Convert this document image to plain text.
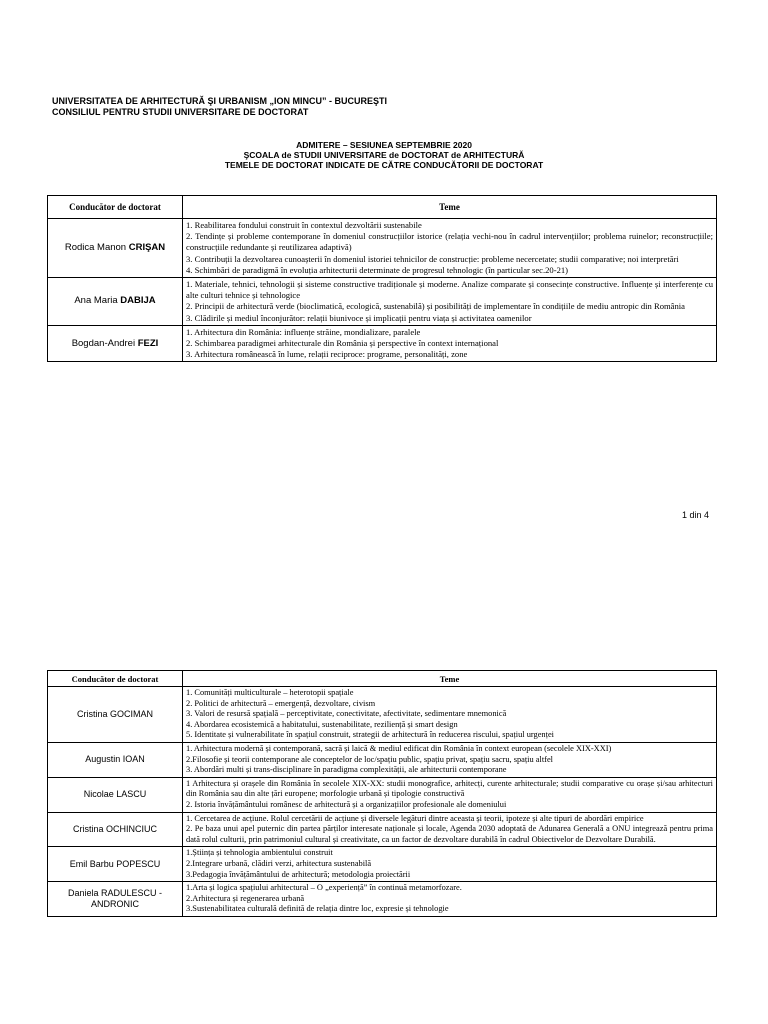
UNIVERSITATEA DE ARHITECTURĂ ŞI URBANISM „ION MINCU” - BUCUREŞTI
CONSILIUL PENTRU STUDII UNIVERSITARE DE DOCTORAT
ADMITERE – SESIUNEA SEPTEMBRIE 2020
ŞCOALA de STUDII UNIVERSITARE de DOCTORAT de ARHITECTURĂ
TEMELE DE DOCTORAT INDICATE DE CĂTRE CONDUCĂTORII DE DOCTORAT
Conducător de doctorat	Teme
Rodica Manon CRIŞAN	1. Reabilitarea fondului construit în contextul dezvoltării sustenabile
2. Tendințe și probleme contemporane în domeniul construcțiilor istorice (relația vechi-nou în cadrul intervențiilor; problema ruinelor; reconstrucțiile; construcțiile redundante și reutilizarea adaptivă)
3. Contribuții la dezvoltarea cunoașterii în domeniul istoriei tehnicilor de construcție: probleme necercetate; studii comparative; noi interpretări
4. Schimbări de paradigmă în evoluția arhitecturii determinate de progresul tehnologic (în particular sec.20-21)

Ana Maria DABIJA	1. Materiale, tehnici, tehnologii și sisteme constructive tradiționale și moderne. Analize comparate și consecințe constructive. Influențe și interferențe cu alte culturi tehnice și tehnologice
2. Principii de arhitectură verde (bioclimatică, ecologică, sustenabilă) și posibilități de implementare în condițiile de mediu antropic din România
3. Clădirile și mediul înconjurător: relații biunivoce și implicații pentru viața și activitatea oamenilor

Bogdan-Andrei FEZI	1. Arhitectura din România: influențe străine, mondializare, paralele
2. Schimbarea paradigmei arhitecturale din România și perspective în context internațional
3. Arhitectura românească în lume, relații reciproce: programe, personalități, zone
1 din 4
Conducător de doctorat	Teme
Cristina GOCIMAN	1. Comunități multiculturale – heterotopii spațiale
2. Politici de arhitectură – emergență, dezvoltare, civism
3. Valori de resursă spațială – perceptivitate, conectivitate, afectivitate, sedimentare mnemonică
4. Abordarea ecosistemică a habitatului, sustenabilitate, reziliență și smart design
5. Identitate și vulnerabilitate în spațiul construit, strategii de arhitectură în reducerea riscului, spațiul urgenței

Augustin IOAN	1. Arhitectura modernă și contemporană, sacră și laică & mediul edificat din România în context european (secolele XIX-XXI)
2.Filosofie și teorii contemporane ale conceptelor de loc/spațiu public, spațiu privat, spațiu sacru, spațiu altfel
3. Abordări multi și trans-disciplinare în paradigma complexității, ale arhitecturii contemporane

Nicolae LASCU	1 Arhitectura și orașele din România în secolele XIX-XX: studii monografice, arhitecți, curente arhitecturale; studii comparative cu orașe și/sau arhitecturi din România sau din alte țări europene; morfologie urbană și tipologie constructivă
2. Istoria învățământului românesc de arhitectură și a organizațiilor profesionale ale domeniului

Cristina OCHINCIUC	1. Cercetarea de acțiune. Rolul cercetării de acțiune și diversele legături dintre aceasta și teorii, ipoteze și alte tipuri de abordări empirice
2. Pe baza unui apel puternic din partea părților interesate naționale și locale, Agenda 2030 adoptată de Adunarea Generală a ONU integrează pentru prima dată rolul culturii, prin patrimoniul cultural și creativitate, ca un factor de dezvoltare durabilă în cadrul Obiectivelor de Dezvoltare Durabilă.

Emil Barbu POPESCU	1.Știința și tehnologia ambientului construit
2.Integrare urbană, clădiri verzi, arhitectura sustenabilă
3.Pedagogia învățământului de arhitectură; metodologia proiectării

Daniela RADULESCU - ANDRONIC	1.Arta și logica spațiului arhitectural – O „experiență” în continuă metamorfozare.
2.Arhitectura și regenerarea urbană
3.Sustenabilitatea culturală definită de relația dintre loc, expresie și tehnologie
